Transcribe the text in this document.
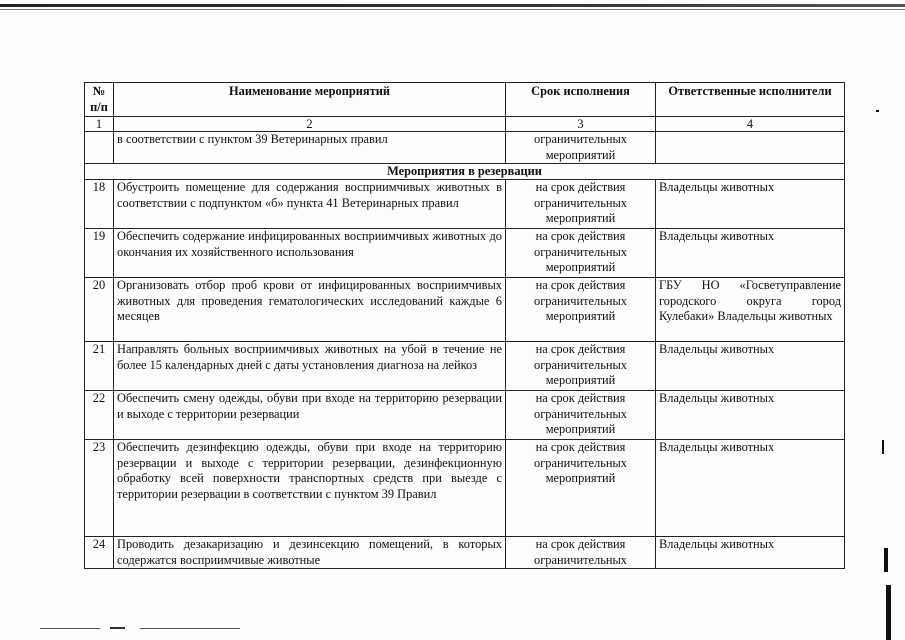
№ п/п	Наименование мероприятий	Срок исполнения	Ответственные исполнители
1	2	3	4
	в соответствии с пунктом 39 Ветеринарных правил	ограничительных мероприятий	
Мероприятия в резервации			
18	Обустроить помещение для содержания восприимчивых животных в соответствии с подпунктом «б» пункта 41 Ветеринарных правил	на срок действия ограничительных мероприятий	Владельцы животных
19	Обеспечить содержание инфицированных восприимчивых животных до окончания их хозяйственного использования	на срок действия ограничительных мероприятий	Владельцы животных
20	Организовать отбор проб крови от инфицированных восприимчивых животных для проведения гематологических исследований каждые 6 месяцев	на срок действия ограничительных мероприятий	ГБУ НО «Госветуправление городского округа город Кулебаки» Владельцы животных
21	Направлять больных восприимчивых животных на убой в течение не более 15 календарных дней с даты установления диагноза на лейкоз	на срок действия ограничительных мероприятий	Владельцы животных
22	Обеспечить смену одежды, обуви при входе на территорию резервации и выходе с территории резервации	на срок действия ограничительных мероприятий	Владельцы животных
23	Обеспечить дезинфекцию одежды, обуви при входе на территорию резервации и выходе с территории резервации, дезинфекционную обработку всей поверхности транспортных средств при выезде с территории резервации в соответствии с пунктом 39 Правил	на срок действия ограничительных мероприятий	Владельцы животных
24	Проводить дезакаризацию и дезинсекцию помещений, в которых содержатся восприимчивые животные	на срок действия ограничительных	Владельцы животных
